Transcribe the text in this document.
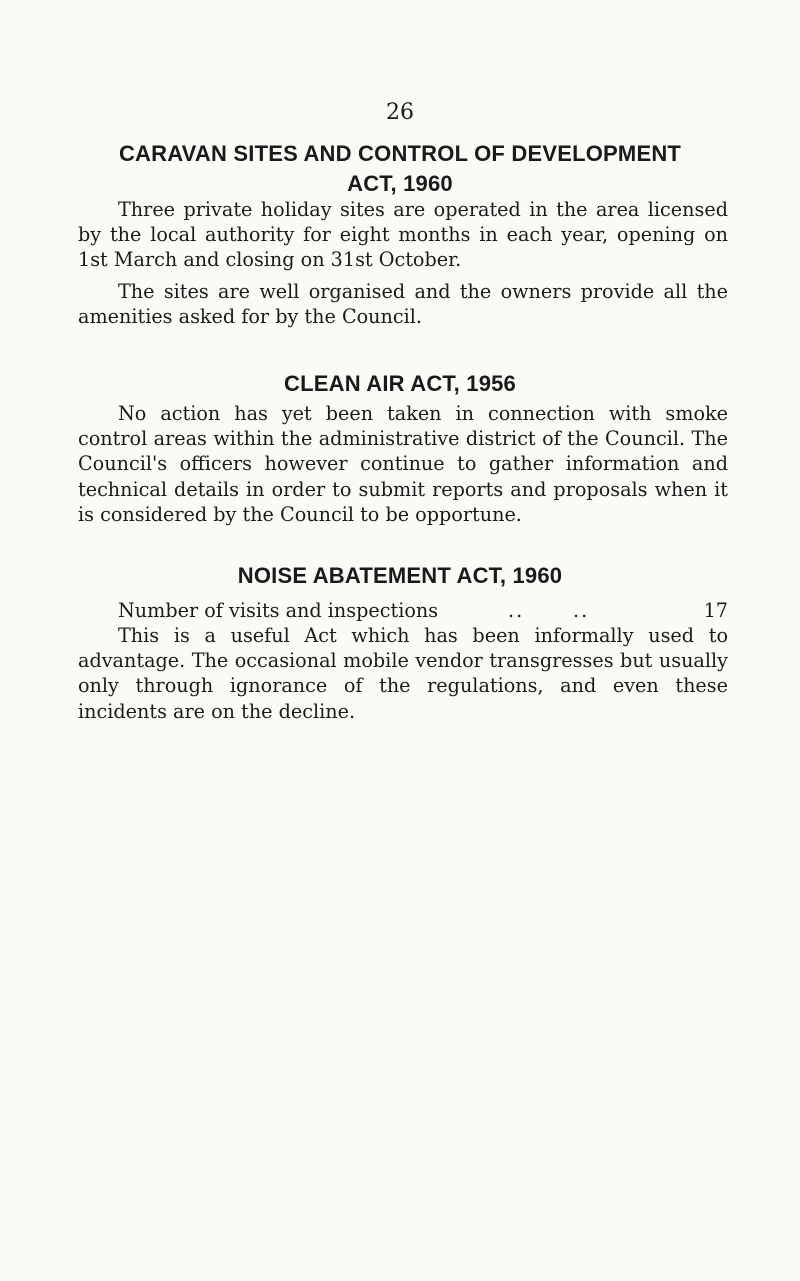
26
CARAVAN SITES AND CONTROL OF DEVELOPMENT
ACT, 1960
Three private holiday sites are operated in the area licensed by the local authority for eight months in each year, opening on 1st March and closing on 31st October.
The sites are well organised and the owners provide all the amenities asked for by the Council.
CLEAN AIR ACT, 1956
No action has yet been taken in connection with smoke control areas within the administrative district of the Council. The Council's officers however continue to gather information and technical details in order to submit reports and proposals when it is considered by the Council to be opportune.
NOISE ABATEMENT ACT, 1960
Number of visits and inspections	..	..	17
This is a useful Act which has been informally used to advantage. The occasional mobile vendor transgresses but usually only through ignorance of the regulations, and even these incidents are on the decline.
